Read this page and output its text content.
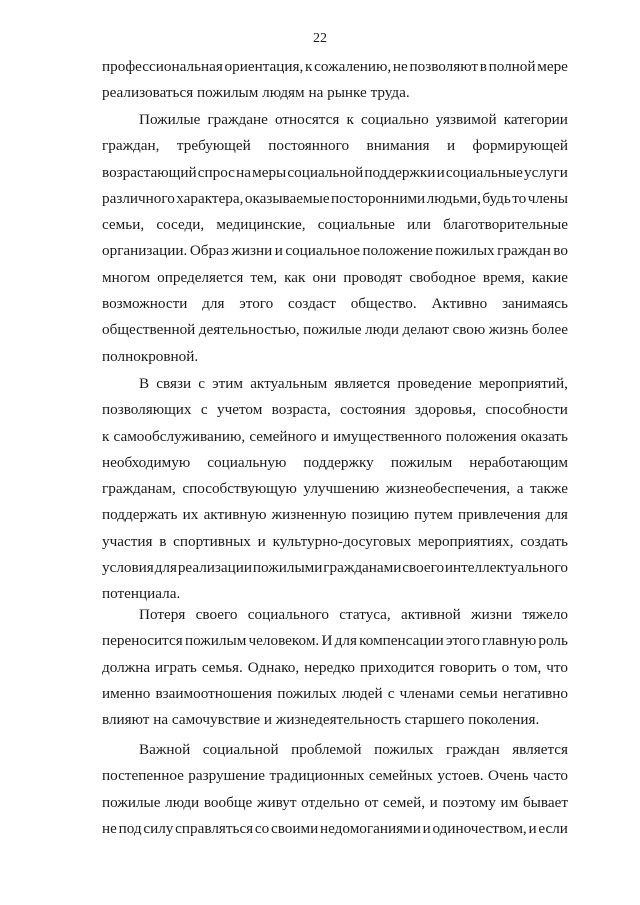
22
профессиональная ориентация, к сожалению, не позволяют в полной мере
реализоваться пожилым людям на рынке труда.
Пожилые граждане относятся к социально уязвимой категории
граждан, требующей постоянного внимания и формирующей
возрастающий спрос на меры социальной поддержки и социальные услуги
различного характера, оказываемые посторонними людьми, будь то члены
семьи, соседи, медицинские, социальные или благотворительные
организации. Образ жизни и социальное положение пожилых граждан во
многом определяется тем, как они проводят свободное время, какие
возможности для этого создаст общество. Активно занимаясь
общественной деятельностью, пожилые люди делают свою жизнь более
полнокровной.
В связи с этим актуальным является проведение мероприятий,
позволяющих с учетом возраста, состояния здоровья, способности
к самообслуживанию, семейного и имущественного положения оказать
необходимую социальную поддержку пожилым неработающим
гражданам, способствующую улучшению жизнеобеспечения, а также
поддержать их активную жизненную позицию путем привлечения для
участия в спортивных и культурно-досуговых мероприятиях, создать
условия для реализации пожилыми гражданами своего интеллектуального
потенциала.
Потеря своего социального статуса, активной жизни тяжело
переносится пожилым человеком. И для компенсации этого главную роль
должна играть семья. Однако, нередко приходится говорить о том, что
именно взаимоотношения пожилых людей с членами семьи негативно
влияют на самочувствие и жизнедеятельность старшего поколения.
Важной социальной проблемой пожилых граждан является
постепенное разрушение традиционных семейных устоев. Очень часто
пожилые люди вообще живут отдельно от семей, и поэтому им бывает
не под силу справляться со своими недомоганиями и одиночеством, и если
